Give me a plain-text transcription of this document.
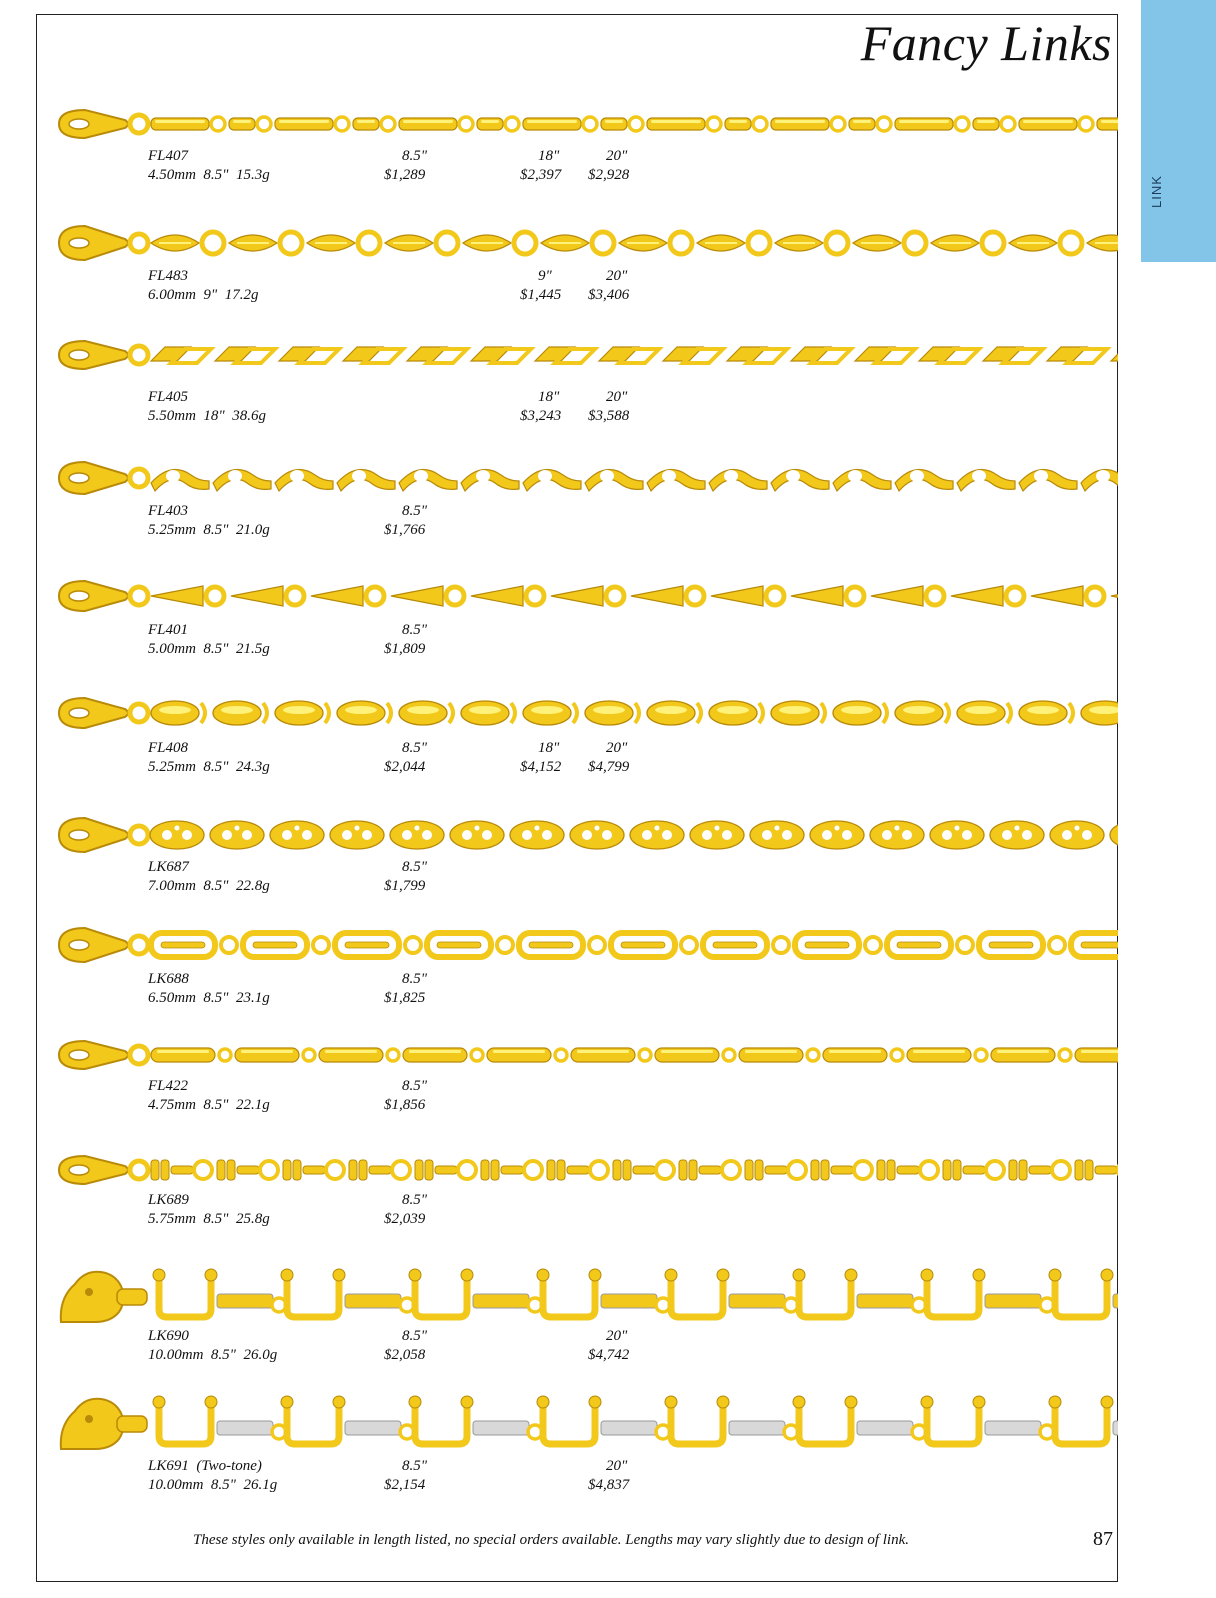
Fancy Links
LINK
These styles only available in length listed, no special orders available. Lengths may vary slightly due to design of link.	87
FL407
4.50mm  8.5"  15.3g
8.5"
$1,289
18"
$2,397
20"
$2,928
FL483
6.00mm  9"  17.2g
9"
$1,445
20"
$3,406
FL405
5.50mm  18"  38.6g
18"
$3,243
20"
$3,588
FL403
5.25mm  8.5"  21.0g
8.5"
$1,766
FL401
5.00mm  8.5"  21.5g
8.5"
$1,809
FL408
5.25mm  8.5"  24.3g
8.5"
$2,044
18"
$4,152
20"
$4,799
LK687
7.00mm  8.5"  22.8g
8.5"
$1,799
LK688
6.50mm  8.5"  23.1g
8.5"
$1,825
FL422
4.75mm  8.5"  22.1g
8.5"
$1,856
LK689
5.75mm  8.5"  25.8g
8.5"
$2,039
LK690
10.00mm  8.5"  26.0g
8.5"
$2,058
20"
$4,742
LK691  (Two-tone)
10.00mm  8.5"  26.1g
8.5"
$2,154
20"
$4,837
